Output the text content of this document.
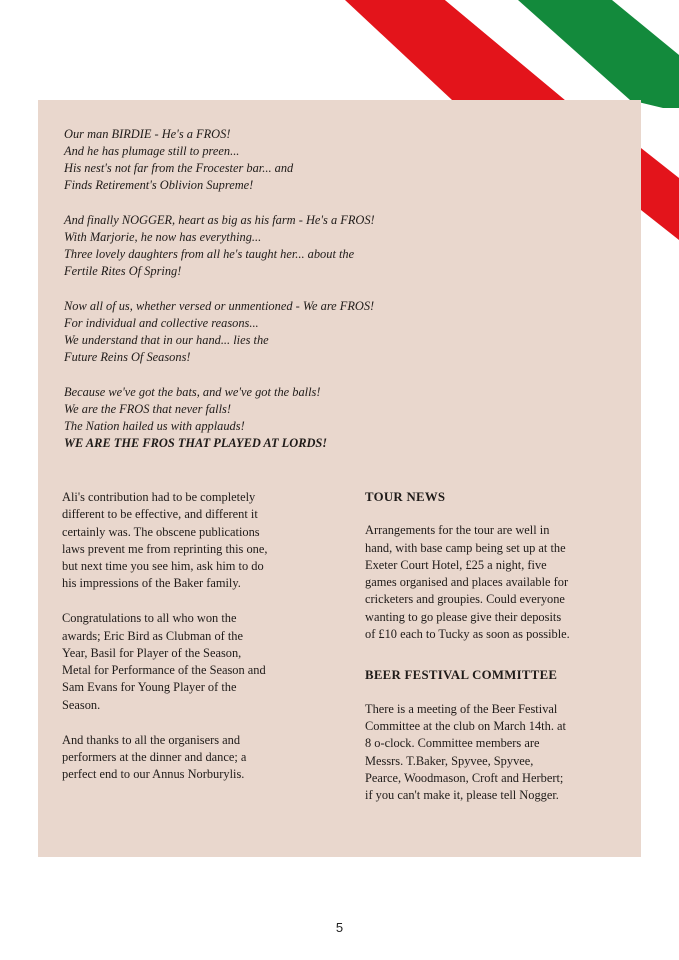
Our man BIRDIE - He's a FROS!
And he has plumage still to preen...
His nest's not far from the Frocester bar... and
Finds Retirement's Oblivion Supreme!
And finally NOGGER, heart as big as his farm - He's a FROS!
With Marjorie, he now has everything...
Three lovely daughters from all he's taught her... about the
Fertile Rites Of Spring!
Now all of us, whether versed or unmentioned - We are FROS!
For individual and collective reasons...
We understand that in our hand... lies the
Future Reins Of Seasons!
Because we've got the bats, and we've got the balls!
We are the FROS that never falls!
The Nation hailed us with applauds!
WE ARE THE FROS THAT PLAYED AT LORDS!
Ali's contribution had to be completely
different to be effective, and different it
certainly was. The obscene publications
laws prevent me from reprinting this one,
but next time you see him, ask him to do
his impressions of the Baker family.
Congratulations to all who won the
awards; Eric Bird as Clubman of the
Year, Basil for Player of the Season,
Metal for Performance of the Season and
Sam Evans for Young Player of the
Season.
And thanks to all the organisers and
performers at the dinner and dance; a
perfect end to our Annus Norburylis.
TOUR NEWS
Arrangements for the tour are well in
hand, with base camp being set up at the
Exeter Court Hotel, £25 a night, five
games organised and places available for
cricketers and groupies. Could everyone
wanting to go please give their deposits
of £10 each to Tucky as soon as possible.
BEER FESTIVAL COMMITTEE
There is a meeting of the Beer Festival
Committee at the club on March 14th. at
8 o-clock. Committee members are
Messrs. T.Baker, Spyvee, Spyvee,
Pearce, Woodmason, Croft and Herbert;
if you can't make it, please tell Nogger.
5
